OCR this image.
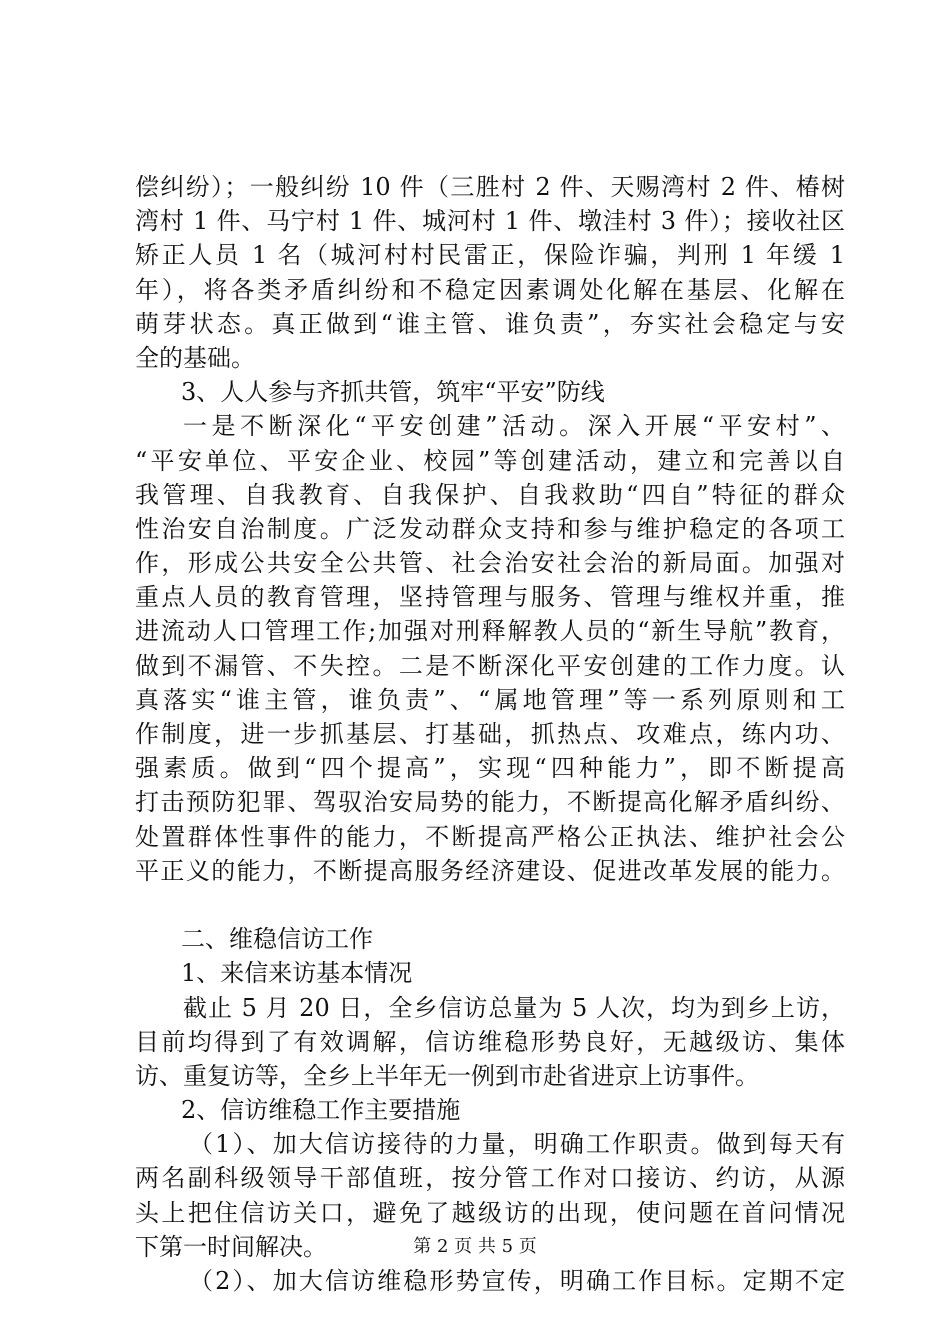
偿纠纷）；一般纠纷 10 件（三胜村 2 件、天赐湾村 2 件、椿树
湾村 1 件、马宁村 1 件、城河村 1 件、墩洼村 3 件）；接收社区
矫正人员 1 名（城河村村民雷正，保险诈骗，判刑 1 年缓 1
年），将各类矛盾纠纷和不稳定因素调处化解在基层、化解在
萌芽状态。真正做到“谁主管、谁负责”，夯实社会稳定与安
全的基础。
3、人人参与齐抓共管，筑牢“平安”防线
一是不断深化“平安创建”活动。深入开展“平安村”、
“平安单位、平安企业、校园”等创建活动，建立和完善以自
我管理、自我教育、自我保护、自我救助“四自”特征的群众
性治安自治制度。广泛发动群众支持和参与维护稳定的各项工
作，形成公共安全公共管、社会治安社会治的新局面。加强对
重点人员的教育管理，坚持管理与服务、管理与维权并重，推
进流动人口管理工作;加强对刑释解教人员的“新生导航”教育，
做到不漏管、不失控。二是不断深化平安创建的工作力度。认
真落实“谁主管，谁负责”、“属地管理”等一系列原则和工
作制度，进一步抓基层、打基础，抓热点、攻难点，练内功、
强素质。做到“四个提高”，实现“四种能力”，即不断提高
打击预防犯罪、驾驭治安局势的能力，不断提高化解矛盾纠纷、
处置群体性事件的能力，不断提高严格公正执法、维护社会公
平正义的能力，不断提高服务经济建设、促进改革发展的能力。
二、维稳信访工作
1、来信来访基本情况
截止 5 月 20 日，全乡信访总量为 5 人次，均为到乡上访，
目前均得到了有效调解，信访维稳形势良好，无越级访、集体
访、重复访等，全乡上半年无一例到市赴省进京上访事件。
2、信访维稳工作主要措施
（1）、加大信访接待的力量，明确工作职责。做到每天有
两名副科级领导干部值班，按分管工作对口接访、约访，从源
头上把住信访关口，避免了越级访的出现，使问题在首问情况
下第一时间解决。
（2）、加大信访维稳形势宣传，明确工作目标。定期不定
第 2 页 共 5 页
